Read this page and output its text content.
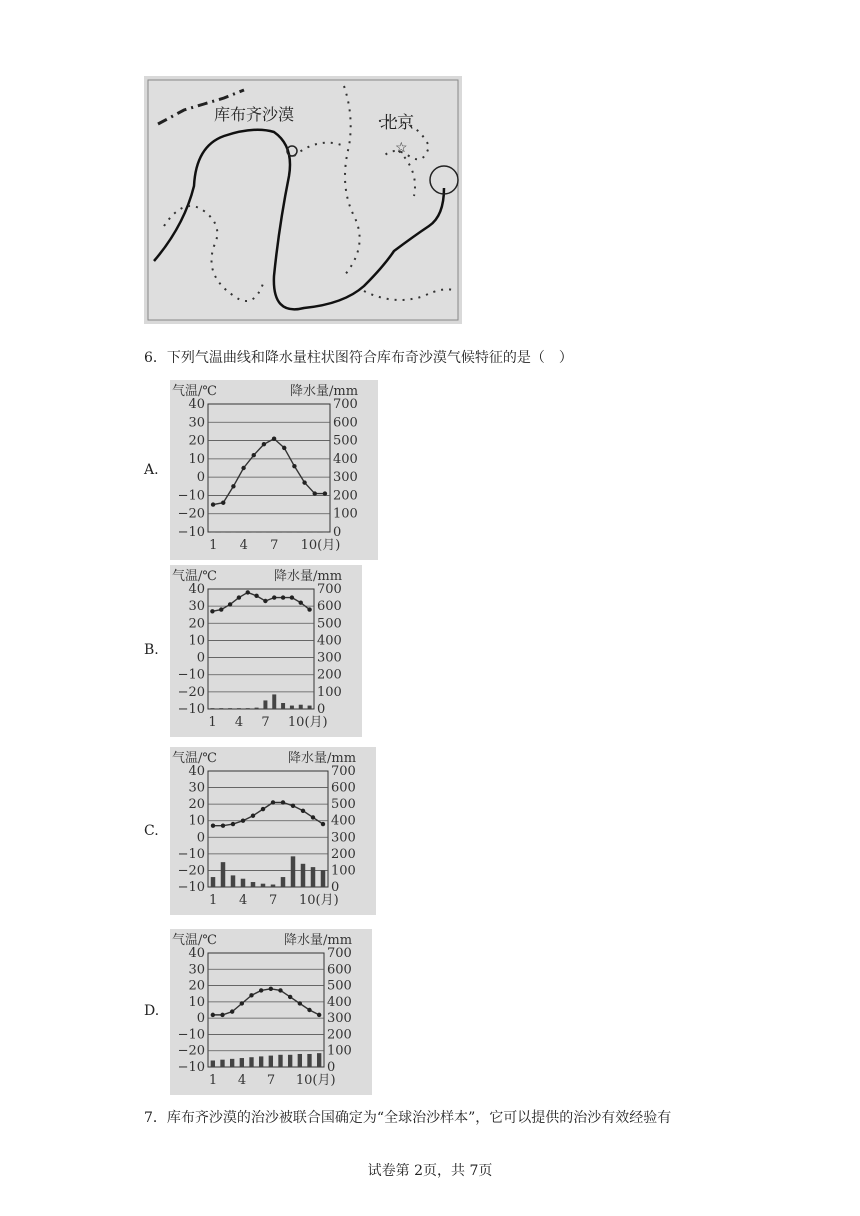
☆
库布齐沙漠	北京
6．下列气温曲线和降水量柱状图符合库布奇沙漠气候特征的是（　）
A.
气温/℃	降水量/mm
40	700
30	600
20	500
10	400
0	300
−10	200
−20	100
−10	0
1 4 7 10(月)
B.
气温/℃	降水量/mm
40	700
30	600
20	500
10	400
0	300
−10	200
−20	100
−10	0
1 4 7 10(月)
C.
气温/℃	降水量/mm
40	700
30	600
20	500
10	400
0	300
−10	200
−20	100
−10	0
1 4 7 10(月)
D.
气温/℃	降水量/mm
40	700
30	600
20	500
10	400
0	300
−10	200
−20	100
−10	0
1 4 7 10(月)
7．库布齐沙漠的治沙被联合国确定为“全球治沙样本”，它可以提供的治沙有效经验有
试卷第 2页，共 7页
